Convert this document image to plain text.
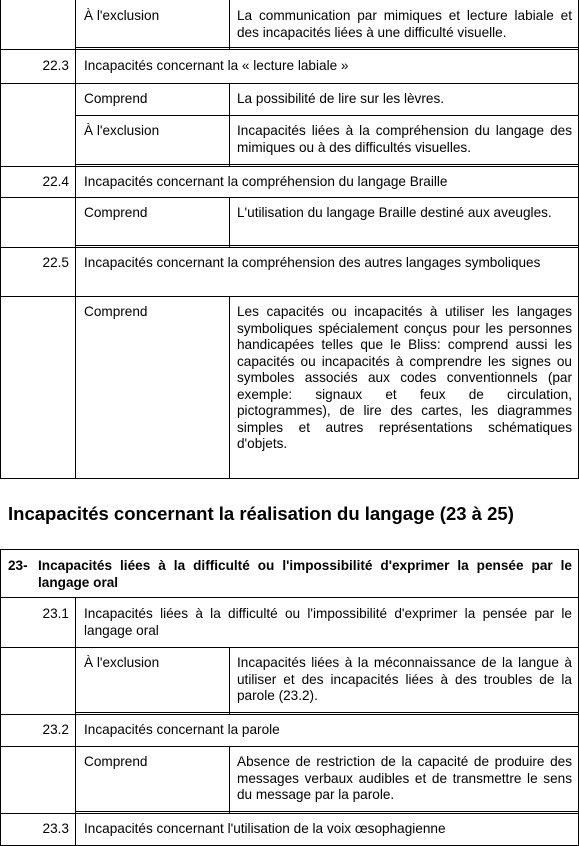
À l'exclusion	La communication par mimiques et lecture labiale et des incapacités liées à une difficulté visuelle.
22.3 Incapacités concernant la « lecture labiale »
Comprend	La possibilité de lire sur les lèvres.
À l'exclusion	Incapacités liées à la compréhension du langage des mimiques ou à des difficultés visuelles.
22.4 Incapacités concernant la compréhension du langage Braille
Comprend	L'utilisation du langage Braille destiné aux aveugles.
22.5 Incapacités concernant la compréhension des autres langages symboliques
Comprend	Les capacités ou incapacités à utiliser les langages symboliques spécialement conçus pour les personnes handicapées telles que le Bliss: comprend aussi les capacités ou incapacités à comprendre les signes ou symboles associés aux codes conventionnels (par exemple: signaux et feux de circulation, pictogrammes), de lire des cartes, les diagrammes simples et autres représentations schématiques d'objets.
Incapacités concernant la réalisation du langage (23 à 25)
23- Incapacités liées à la difficulté ou l'impossibilité d'exprimer la pensée par le langage oral
23.1 Incapacités liées à la difficulté ou l'impossibilité d'exprimer la pensée par le langage oral
À l'exclusion	Incapacités liées à la méconnaissance de la langue à utiliser et des incapacités liées à des troubles de la parole (23.2).
23.2 Incapacités concernant la parole
Comprend	Absence de restriction de la capacité de produire des messages verbaux audibles et de transmettre le sens du message par la parole.
23.3 Incapacités concernant l'utilisation de la voix œsophagienne
